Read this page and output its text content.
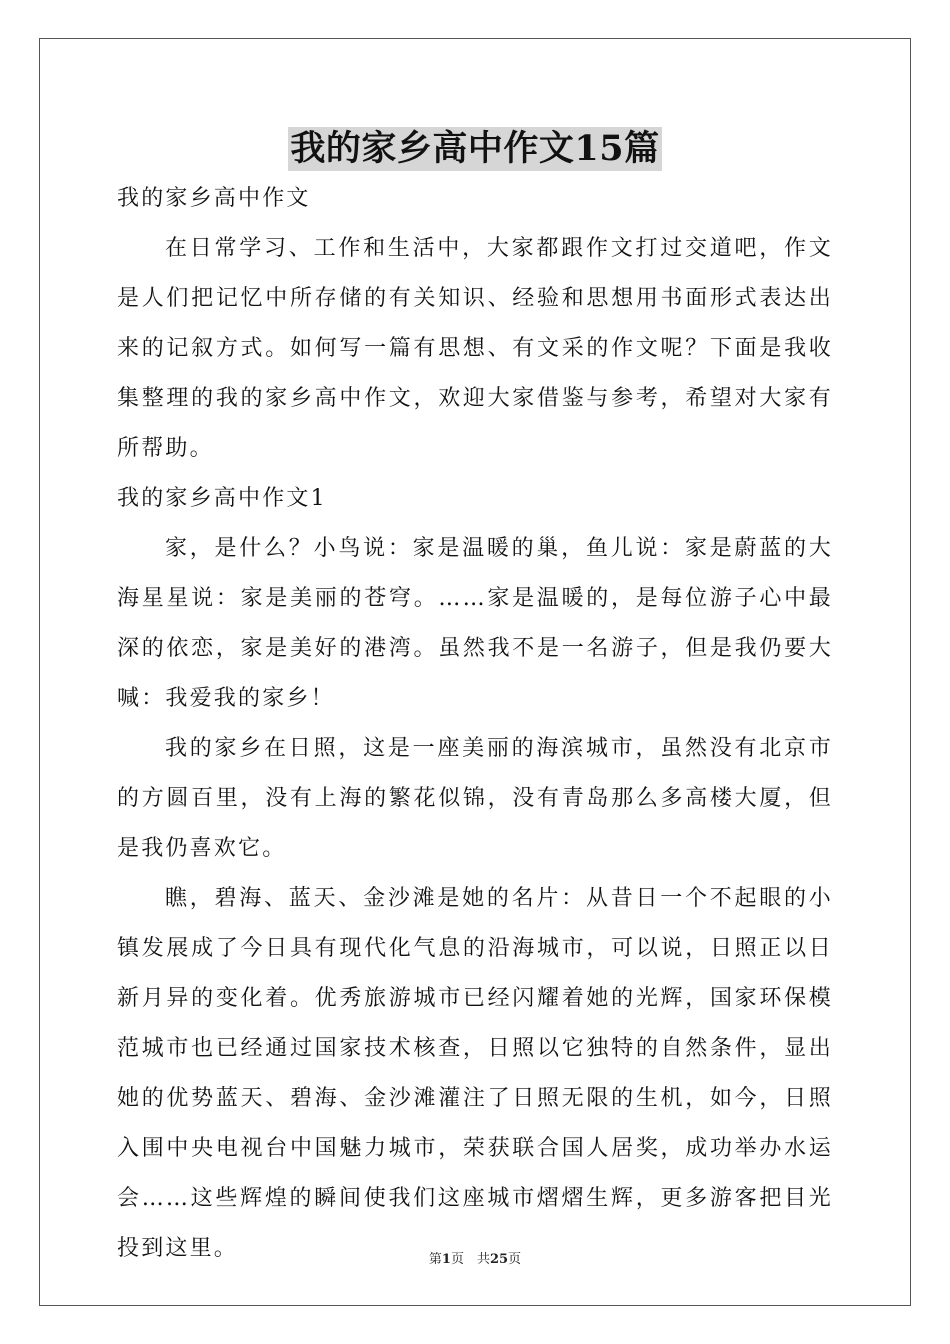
我的家乡高中作文15篇

我的家乡高中作文

在日常学习、工作和生活中，大家都跟作文打过交道吧，作文是人们把记忆中所存储的有关知识、经验和思想用书面形式表达出来的记叙方式。如何写一篇有思想、有文采的作文呢？下面是我收集整理的我的家乡高中作文，欢迎大家借鉴与参考，希望对大家有所帮助。

我的家乡高中作文1

家，是什么？小鸟说：家是温暖的巢，鱼儿说：家是蔚蓝的大海星星说：家是美丽的苍穹。……家是温暖的，是每位游子心中最深的依恋，家是美好的港湾。虽然我不是一名游子，但是我仍要大喊：我爱我的家乡！

我的家乡在日照，这是一座美丽的海滨城市，虽然没有北京市的方圆百里，没有上海的繁花似锦，没有青岛那么多高楼大厦，但是我仍喜欢它。

瞧，碧海、蓝天、金沙滩是她的名片：从昔日一个不起眼的小镇发展成了今日具有现代化气息的沿海城市，可以说，日照正以日新月异的变化着。优秀旅游城市已经闪耀着她的光辉，国家环保模范城市也已经通过国家技术核查，日照以它独特的自然条件，显出她的优势蓝天、碧海、金沙滩灌注了日照无限的生机，如今，日照入围中央电视台中国魅力城市，荣获联合国人居奖，成功举办水运会……这些辉煌的瞬间使我们这座城市熠熠生辉，更多游客把目光投到这里。	第1页　共25页
